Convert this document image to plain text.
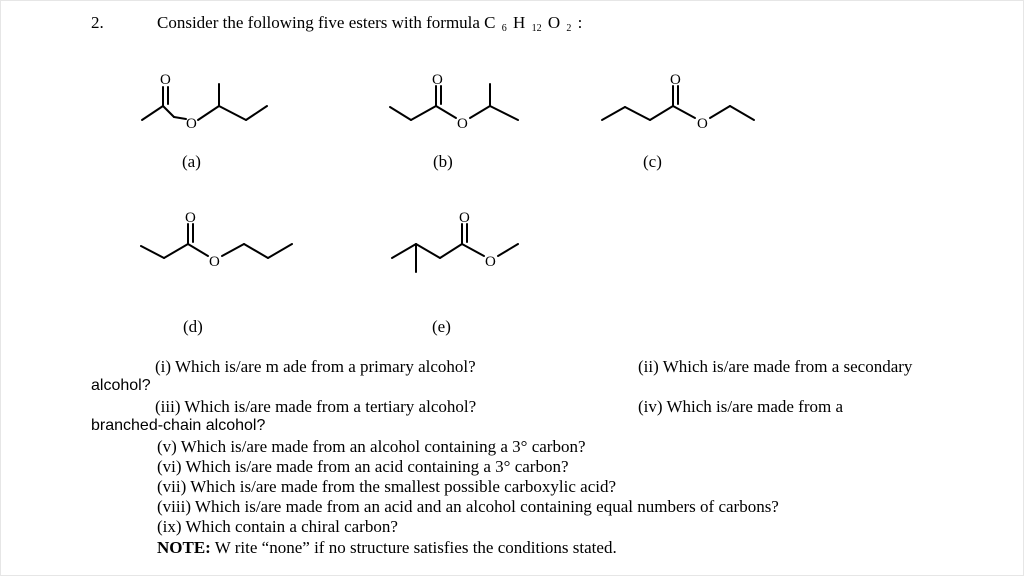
2.	Consider the following five esters with formula C $_6$ H $_{12}$ O $_2$ :
O
O
O
O
O
O
O
O
O
O
(a)	(b)	(c)
(d)	(e)
(i) Which is/are m ade from a primary alcohol?	(ii) Which is/are made from a secondary
alcohol?
(iii) Which is/are made from a tertiary alcohol?	(iv) Which is/are made from a
branched-chain alcohol?
(v) Which is/are made from an alcohol containing a 3° carbon?
(vi) Which is/are made from an acid containing a 3° carbon?
(vii) Which is/are made from the smallest possible carboxylic acid?
(viii) Which is/are made from an acid and an alcohol containing equal numbers of carbons?
(ix) Which contain a chiral carbon?
NOTE: W rite “none” if no structure satisfies the conditions stated.
